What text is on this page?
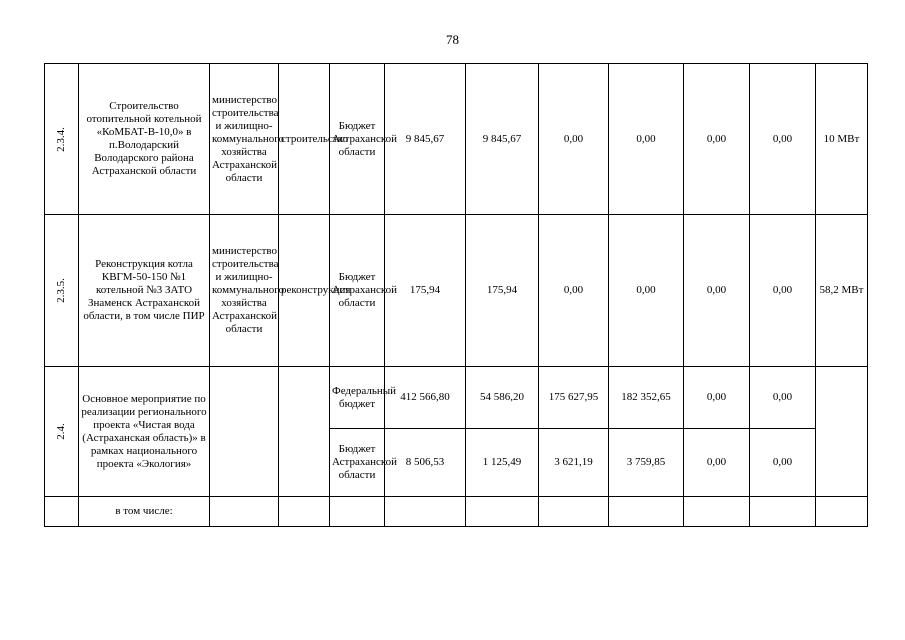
78
2.3.4.	Строительство отопительной котельной «КоМБАТ-В-10,0» в п.Володарский Володарского района Астраханской области	министерство строительства и жилищно-коммунального хозяйства Астраханской области	строительство	Бюджет Астраханской области	9 845,67	9 845,67	0,00	0,00	0,00	0,00	10 МВт

2.3.5.	Реконструкция котла КВГМ-50-150 №1 котельной №3 ЗАТО Знаменск Астраханской области, в том числе ПИР	министерство строительства и жилищно-коммунального хозяйства Астраханской области	реконструкция	Бюджет Астраханской области	175,94	175,94	0,00	0,00	0,00	0,00	58,2 МВт

2.4.	Основное мероприятие по реализации регионального проекта «Чистая вода (Астраханская область)» в рамках национального проекта «Экология»			Федеральный бюджет	412 566,80	54 586,20	175 627,95	182 352,65	0,00	0,00	
				Бюджет Астраханской области	8 506,53	1 125,49	3 621,19	3 759,85	0,00	0,00	
	в том числе:										
